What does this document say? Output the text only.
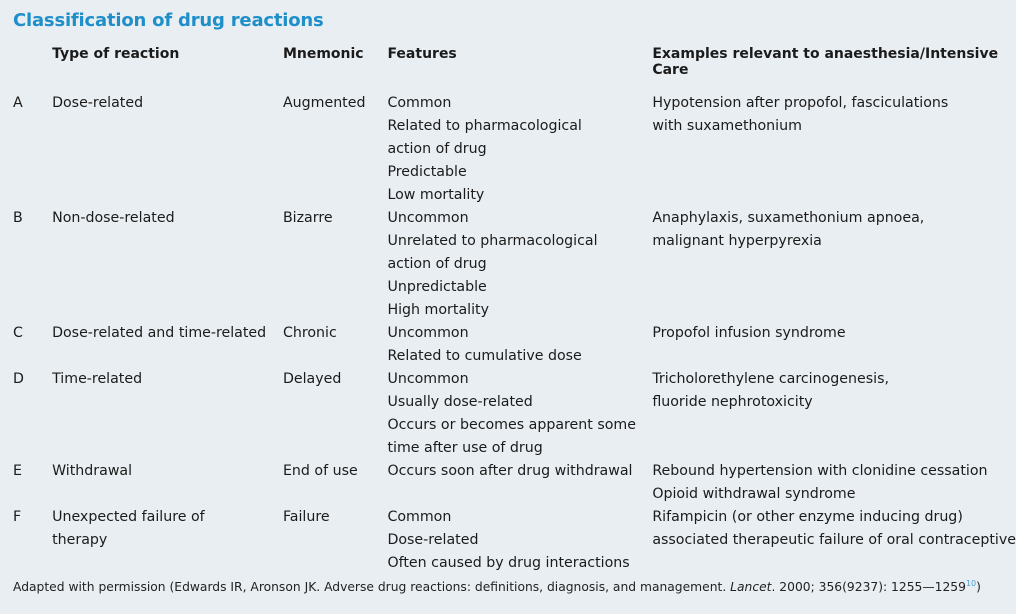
Classification of drug reactions
	Type of reaction	Mnemonic	Features	Examples relevant to anaesthesia/Intensive Care
A	Dose-related	Augmented	Common
Related to pharmacological
action of drug
Predictable
Low mortality	Hypotension after propofol, fasciculations
with suxamethonium

B	Non-dose-related	Bizarre	Uncommon
Unrelated to pharmacological
action of drug
Unpredictable
High mortality	Anaphylaxis, suxamethonium apnoea,
malignant hyperpyrexia

C	Dose-related and time-related	Chronic	Uncommon
Related to cumulative dose	Propofol infusion syndrome

D	Time-related	Delayed	Uncommon
Usually dose-related
Occurs or becomes apparent some
time after use of drug	Tricholorethylene carcinogenesis,
fluoride nephrotoxicity

E	Withdrawal	End of use	Occurs soon after drug withdrawal	Rebound hypertension with clonidine cessation
Opioid withdrawal syndrome

F	Unexpected failure of
therapy	Failure	Common
Dose-related
Often caused by drug interactions	Rifampicin (or other enzyme inducing drug)
associated therapeutic failure of oral contraceptive
Adapted with permission (Edwards IR, Aronson JK. Adverse drug reactions: definitions, diagnosis, and management. Lancet. 2000; 356(9237): 1255—1259$^{10}$)
